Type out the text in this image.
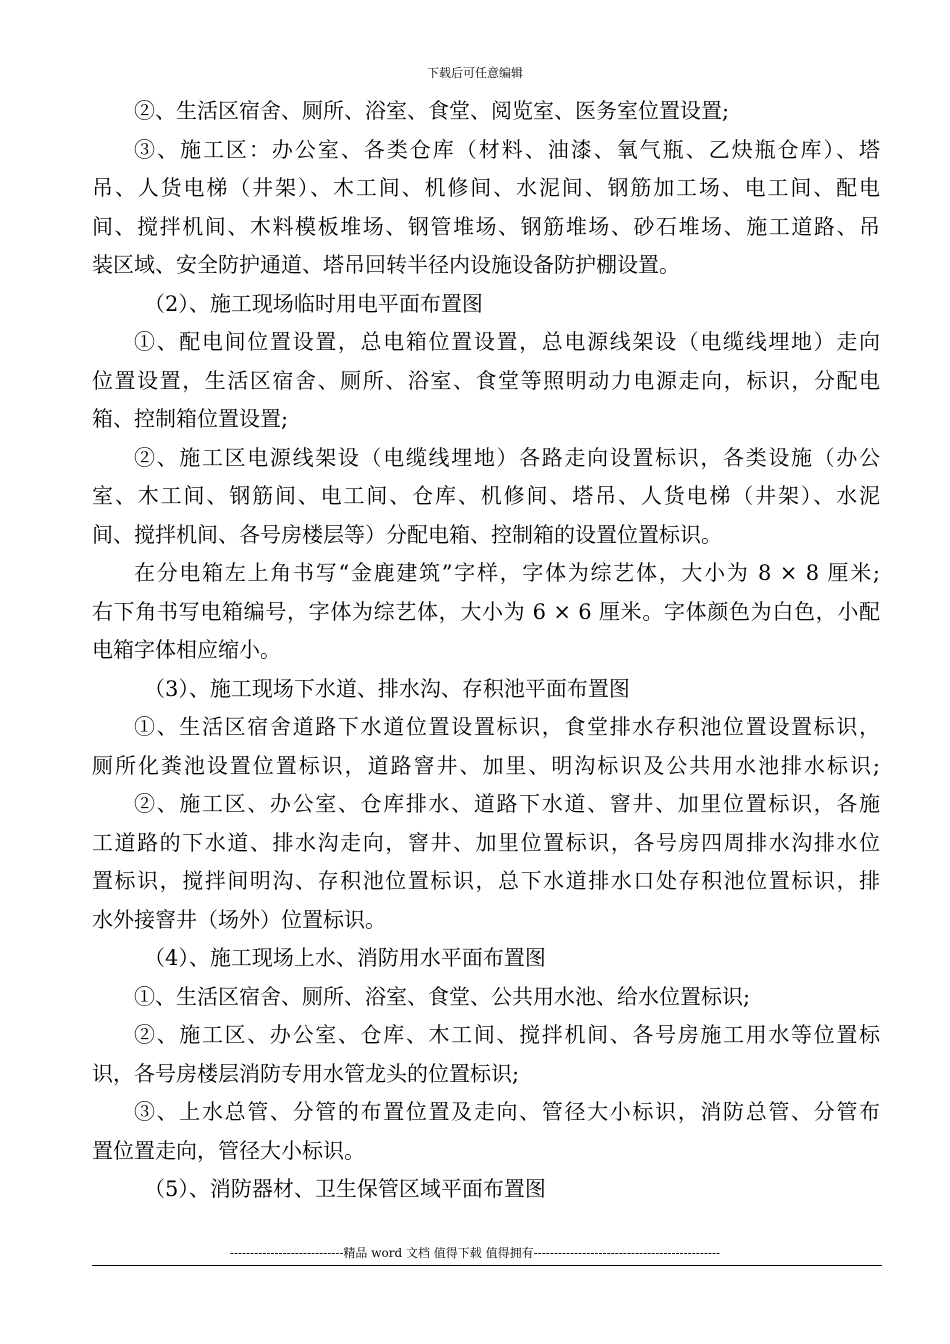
下载后可任意编辑
②、生活区宿舍、厕所、浴室、食堂、阅览室、医务室位置设置;
③、施工区：办公室、各类仓库（材料、油漆、氧气瓶、乙炔瓶仓库）、塔
吊、人货电梯（井架）、木工间、机修间、水泥间、钢筋加工场、电工间、配电
间、搅拌机间、木料模板堆场、钢管堆场、钢筋堆场、砂石堆场、施工道路、吊
装区域、安全防护通道、塔吊回转半径内设施设备防护棚设置。
（2）、施工现场临时用电平面布置图
①、配电间位置设置，总电箱位置设置，总电源线架设（电缆线埋地）走向
位置设置，生活区宿舍、厕所、浴室、食堂等照明动力电源走向，标识，分配电
箱、控制箱位置设置;
②、施工区电源线架设（电缆线埋地）各路走向设置标识，各类设施（办公
室、木工间、钢筋间、电工间、仓库、机修间、塔吊、人货电梯（井架）、水泥
间、搅拌机间、各号房楼层等）分配电箱、控制箱的设置位置标识。
在分电箱左上角书写“金鹿建筑”字样，字体为综艺体，大小为 8 × 8 厘米;
右下角书写电箱编号，字体为综艺体，大小为 6 × 6 厘米。字体颜色为白色，小配
电箱字体相应缩小。
（3）、施工现场下水道、排水沟、存积池平面布置图
①、生活区宿舍道路下水道位置设置标识，食堂排水存积池位置设置标识，
厕所化粪池设置位置标识，道路窨井、加里、明沟标识及公共用水池排水标识;
②、施工区、办公室、仓库排水、道路下水道、窨井、加里位置标识，各施
工道路的下水道、排水沟走向，窨井、加里位置标识，各号房四周排水沟排水位
置标识，搅拌间明沟、存积池位置标识，总下水道排水口处存积池位置标识，排
水外接窨井（场外）位置标识。
（4）、施工现场上水、消防用水平面布置图
①、生活区宿舍、厕所、浴室、食堂、公共用水池、给水位置标识;
②、施工区、办公室、仓库、木工间、搅拌机间、各号房施工用水等位置标
识，各号房楼层消防专用水管龙头的位置标识;
③、上水总管、分管的布置位置及走向、管径大小标识，消防总管、分管布
置位置走向，管径大小标识。
（5）、消防器材、卫生保管区域平面布置图
----------------------------精品 word 文档 值得下载 值得拥有----------------------------------------------
